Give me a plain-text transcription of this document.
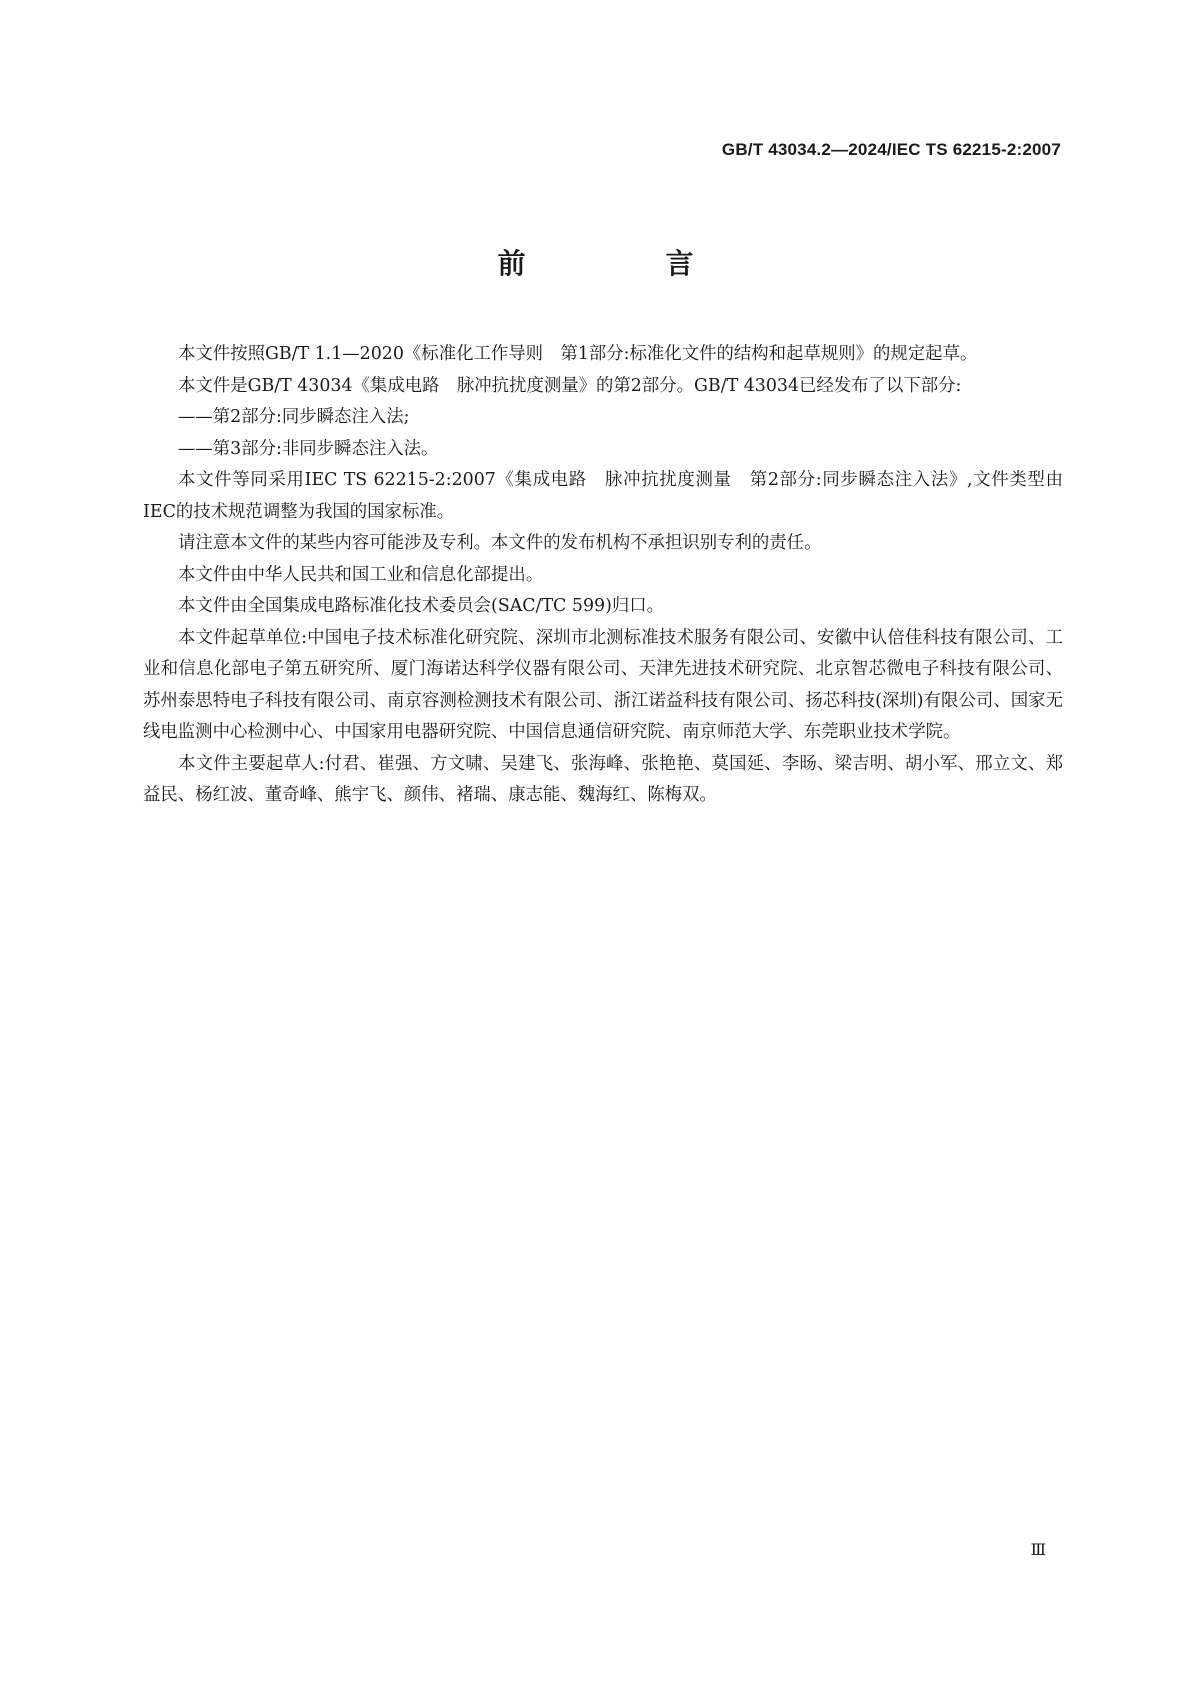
GB/T 43034.2—2024/IEC TS 62215-2:2007
前　言

本文件按照GB/T 1.1—2020《标准化工作导则　第1部分:标准化文件的结构和起草规则》的规定起草。

本文件是GB/T 43034《集成电路　脉冲抗扰度测量》的第2部分。GB/T 43034已经发布了以下部分:

——第2部分:同步瞬态注入法;

——第3部分:非同步瞬态注入法。

本文件等同采用IEC TS 62215-2:2007《集成电路　脉冲抗扰度测量　第2部分:同步瞬态注入法》,文件类型由IEC的技术规范调整为我国的国家标准。

请注意本文件的某些内容可能涉及专利。本文件的发布机构不承担识别专利的责任。

本文件由中华人民共和国工业和信息化部提出。

本文件由全国集成电路标准化技术委员会(SAC/TC 599)归口。

本文件起草单位:中国电子技术标准化研究院、深圳市北测标准技术服务有限公司、安徽中认倍佳科技有限公司、工业和信息化部电子第五研究所、厦门海诺达科学仪器有限公司、天津先进技术研究院、北京智芯微电子科技有限公司、苏州泰思特电子科技有限公司、南京容测检测技术有限公司、浙江诺益科技有限公司、扬芯科技(深圳)有限公司、国家无线电监测中心检测中心、中国家用电器研究院、中国信息通信研究院、南京师范大学、东莞职业技术学院。

本文件主要起草人:付君、崔强、方文啸、吴建飞、张海峰、张艳艳、莫国延、李旸、梁吉明、胡小军、邢立文、郑益民、杨红波、董奇峰、熊宇飞、颜伟、褚瑞、康志能、魏海红、陈梅双。

Ⅲ
